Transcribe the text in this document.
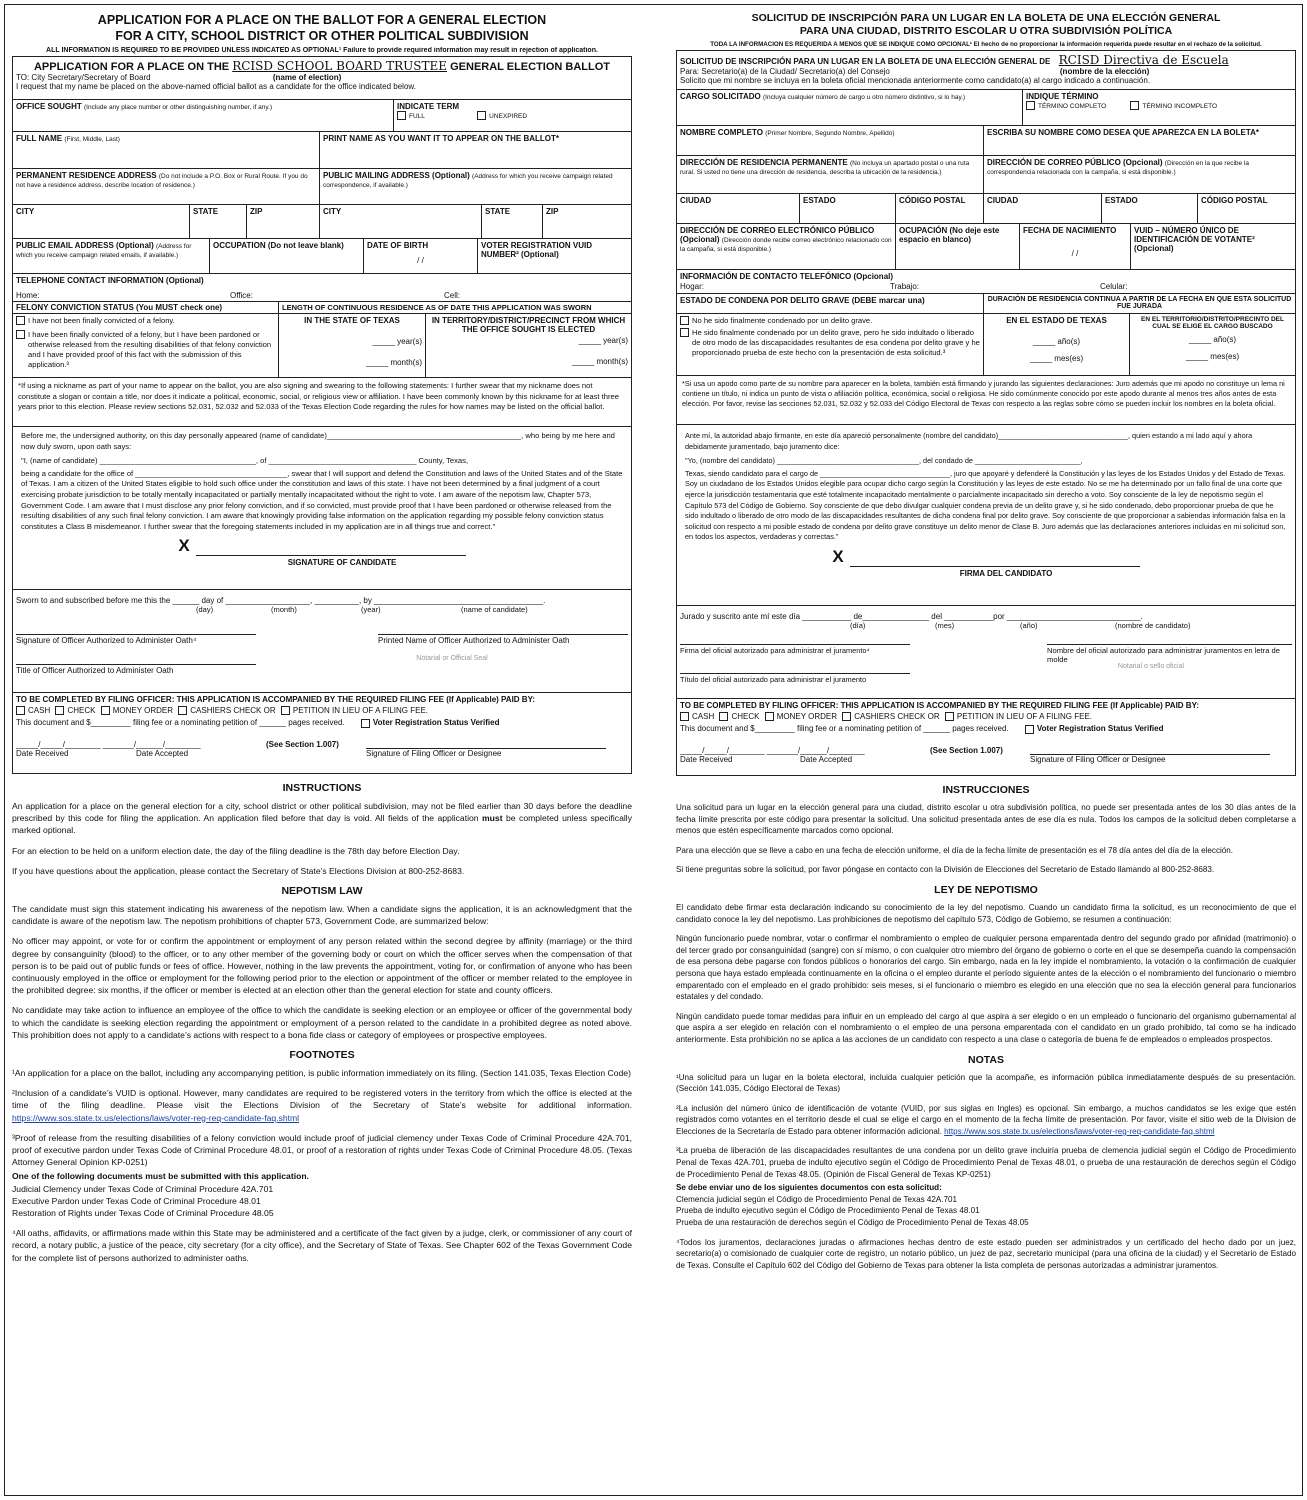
APPLICATION FOR A PLACE ON THE BALLOT FOR A GENERAL ELECTION
FOR A CITY, SCHOOL DISTRICT OR OTHER POLITICAL SUBDIVISION
ALL INFORMATION IS REQUIRED TO BE PROVIDED UNLESS INDICATED AS OPTIONAL¹ Failure to provide required information may result in rejection of application.
APPLICATION FOR A PLACE ON THE RCISD SCHOOL BOARD TRUSTEE GENERAL ELECTION BALLOT
TO: City Secretary/Secretary of Board	(name of election)
I request that my name be placed on the above-named official ballot as a candidate for the office indicated below.
OFFICE SOUGHT (Include any place number or other distinguishing number, if any.)	INDICATE TERM
FULL	UNEXPIRED
FULL NAME (First, Middle, Last)	PRINT NAME AS YOU WANT IT TO APPEAR ON THE BALLOT*
PERMANENT RESIDENCE ADDRESS (Do not include a P.O. Box or Rural Route. If you do not have a residence address, describe location of residence.)
PUBLIC MAILING ADDRESS (Optional) (Address for which you receive campaign related correspondence, if available.)
CITY	STATE	ZIP	CITY	STATE	ZIP
PUBLIC EMAIL ADDRESS (Optional) (Address for which you receive campaign related emails, if available.)
OCCUPATION (Do not leave blank)	DATE OF BIRTH
/ /
VOTER REGISTRATION VUID NUMBER² (Optional)
TELEPHONE CONTACT INFORMATION (Optional)
Home:	Office:	Cell:
FELONY CONVICTION STATUS (You MUST check one)	LENGTH OF CONTINUOUS RESIDENCE AS OF DATE THIS APPLICATION WAS SWORN
I have not been finally convicted of a felony.
I have been finally convicted of a felony, but I have been pardoned or otherwise released from the resulting disabilities of that felony conviction and I have provided proof of this fact with the submission of this application.³
IN THE STATE OF TEXAS
_____ year(s)
_____ month(s)
IN TERRITORY/DISTRICT/PRECINCT FROM WHICH THE OFFICE SOUGHT IS ELECTED
_____ year(s)
_____ month(s)
*If using a nickname as part of your name to appear on the ballot, you are also signing and swearing to the following statements: I further swear that my nickname does not constitute a slogan or contain a title, nor does it indicate a political, economic, social, or religious view or affiliation. I have been commonly known by this nickname for at least three years prior to this election. Please review sections 52.031, 52.032 and 52.033 of the Texas Election Code regarding the rules for how names may be listed on the official ballot.
Before me, the undersigned authority, on this day personally appeared (name of candidate)______________________________________________, who being by me here and now duly sworn, upon oath says:
"I, (name of candidate) _____________________________________, of ___________________________________ County, Texas,
being a candidate for the office of ____________________________________, swear that I will support and defend the Constitution and laws of the United States and of the State of Texas. I am a citizen of the United States eligible to hold such office under the constitution and laws of this state. I have not been determined by a final judgment of a court exercising probate jurisdiction to be totally mentally incapacitated or partially mentally incapacitated without the right to vote. I am aware of the nepotism law, Chapter 573, Government Code. I am aware that I must disclose any prior felony conviction, and if so convicted, must provide proof that I have been pardoned or otherwise released from the resulting disabilities of any such final felony conviction. I am aware that knowingly providing false information on the application regarding my possible felony conviction status constitutes a Class B misdemeanor. I further swear that the foregoing statements included in my application are in all things true and correct."
X
SIGNATURE OF CANDIDATE
Sworn to and subscribed before me this the ______ day of ___________________, __________, by ______________________________________.
(day)	(month)	(year)	(name of candidate)
Signature of Officer Authorized to Administer Oath⁴	Printed Name of Officer Authorized to Administer Oath
Notarial or Official Seal
Title of Officer Authorized to Administer Oath
TO BE COMPLETED BY FILING OFFICER: THIS APPLICATION IS ACCOMPANIED BY THE REQUIRED FILING FEE (If Applicable) PAID BY:
CASH CHECK MONEY ORDER CASHIERS CHECK OR PETITION IN LIEU OF A FILING FEE.
This document and $_________ filing fee or a nominating petition of ______ pages received.	Voter Registration Status Verified
_____/_____/________ _______/______/________	(See Section 1.007)
Date Received	Date Accepted	Signature of Filing Officer or Designee
INSTRUCTIONS
An application for a place on the general election for a city, school district or other political subdivision, may not be filed earlier than 30 days before the deadline prescribed by this code for filing the application. An application filed before that day is void. All fields of the application must be completed unless specifically marked optional.
For an election to be held on a uniform election date, the day of the filing deadline is the 78th day before Election Day.
If you have questions about the application, please contact the Secretary of State’s Elections Division at 800-252-8683.
NEPOTISM LAW
The candidate must sign this statement indicating his awareness of the nepotism law. When a candidate signs the application, it is an acknowledgment that the candidate is aware of the nepotism law. The nepotism prohibitions of chapter 573, Government Code, are summarized below:
No officer may appoint, or vote for or confirm the appointment or employment of any person related within the second degree by affinity (marriage) or the third degree by consanguinity (blood) to the officer, or to any other member of the governing body or court on which the officer serves when the compensation of that person is to be paid out of public funds or fees of office. However, nothing in the law prevents the appointment, voting for, or confirmation of anyone who has been continuously employed in the office or employment for the following period prior to the election or appointment of the officer or member related to the employee in the prohibited degree: six months, if the officer or member is elected at an election other than the general election for state and county officers.
No candidate may take action to influence an employee of the office to which the candidate is seeking election or an employee or officer of the governmental body to which the candidate is seeking election regarding the appointment or employment of a person related to the candidate in a prohibited degree as noted above. This prohibition does not apply to a candidate’s actions with respect to a bona fide class or category of employees or prospective employees.
FOOTNOTES
¹An application for a place on the ballot, including any accompanying petition, is public information immediately on its filing. (Section 141.035, Texas Election Code)
²Inclusion of a candidate’s VUID is optional. However, many candidates are required to be registered voters in the territory from which the office is elected at the time of the filing deadline. Please visit the Elections Division of the Secretary of State’s website for additional information. https://www.sos.state.tx.us/elections/laws/voter-reg-req-candidate-faq.shtml
³Proof of release from the resulting disabilities of a felony conviction would include proof of judicial clemency under Texas Code of Criminal Procedure 42A.701, proof of executive pardon under Texas Code of Criminal Procedure 48.01, or proof of a restoration of rights under Texas Code of Criminal Procedure 48.05. (Texas Attorney General Opinion KP-0251)
One of the following documents must be submitted with this application.
Judicial Clemency under Texas Code of Criminal Procedure 42A.701
Executive Pardon under Texas Code of Criminal Procedure 48.01
Restoration of Rights under Texas Code of Criminal Procedure 48.05
⁴All oaths, affidavits, or affirmations made within this State may be administered and a certificate of the fact given by a judge, clerk, or commissioner of any court of record, a notary public, a justice of the peace, city secretary (for a city office), and the Secretary of State of Texas. See Chapter 602 of the Texas Government Code for the complete list of persons authorized to administer oaths.
SOLICITUD DE INSCRIPCIÓN PARA UN LUGAR EN LA BOLETA DE UNA ELECCIÓN GENERAL
PARA UNA CIUDAD, DISTRITO ESCOLAR U OTRA SUBDIVISIÓN POLÍTICA
TODA LA INFORMACIÓN ES REQUERIDA A MENOS QUE SE INDIQUE COMO OPCIONAL¹ El hecho de no proporcionar la información requerida puede resultar en el rechazo de la solicitud.
SOLICITUD DE INSCRIPCIÓN PARA UN LUGAR EN LA BOLETA DE UNA ELECCIÓN GENERAL DE RCISD Directiva de Escuela
Para: Secretario(a) de la Ciudad/ Secretario(a) del Consejo	(nombre de la elección)
Solicito que mi nombre se incluya en la boleta oficial mencionada anteriormente como candidato(a) al cargo indicado a continuación.
CARGO SOLICITADO (Incluya cualquier número de cargo u otro número distintivo, si lo hay.)	INDIQUE TÉRMINO
TÉRMINO COMPLETO	TÉRMINO INCOMPLETO
NOMBRE COMPLETO (Primer Nombre, Segundo Nombre, Apellido)	ESCRIBA SU NOMBRE COMO DESEA QUE APAREZCA EN LA BOLETA*
DIRECCIÓN DE RESIDENCIA PERMANENTE (No incluya un apartado postal o una ruta rural. Si usted no tiene una dirección de residencia, describa la ubicación de la residencia.)
DIRECCIÓN DE CORREO PÚBLICO (Opcional) (Dirección en la que recibe la correspondencia relacionada con la campaña, si está disponible.)
CIUDAD	ESTADO	CÓDIGO POSTAL	CIUDAD	ESTADO	CÓDIGO POSTAL
DIRECCIÓN DE CORREO ELECTRÓNICO PÚBLICO (Opcional) (Dirección donde recibe correo electrónico relacionado con la campaña, si está disponible.)
OCUPACIÓN (No deje este espacio en blanco)
FECHA DE NACIMIENTO
/ /
VUID – NÚMERO ÚNICO DE IDENTIFICACIÓN DE VOTANTE² (Opcional)
INFORMACIÓN DE CONTACTO TELEFÓNICO (Opcional)
Hogar:	Trabajo:	Celular:
ESTADO DE CONDENA POR DELITO GRAVE (DEBE marcar una)	DURACIÓN DE RESIDENCIA CONTINUA A PARTIR DE LA FECHA EN QUE ESTA SOLICITUD FUE JURADA
No he sido finalmente condenado por un delito grave.
He sido finalmente condenado por un delito grave, pero he sido indultado o liberado de otro modo de las discapacidades resultantes de esa condena por delito grave y he proporcionado prueba de este hecho con la presentación de esta solicitud.³
EN EL ESTADO DE TEXAS
_____ año(s)
_____ mes(es)
EN EL TERRITORIO/DISTRITO/PRECINTO DEL CUAL SE ELIGE EL CARGO BUSCADO
_____ año(s)
_____ mes(es)
*Si usa un apodo como parte de su nombre para aparecer en la boleta, también está firmando y jurando las siguientes declaraciones: Juro además que mi apodo no constituye un lema ni contiene un título, ni indica un punto de vista o afiliación política, económica, social o religiosa. He sido comúnmente conocido por este apodo durante al menos tres años antes de esta elección. Por favor, revise las secciones 52.031, 52.032 y 52.033 del Código Electoral de Texas con respecto a las reglas sobre cómo se pueden incluir los nombres en la boleta oficial.
Ante mí, la autoridad abajo firmante, en este día apareció personalmente (nombre del candidato)________________________________, quien estando a mi lado aquí y ahora debidamente juramentado, bajo juramento dice:
"Yo, (nombre del candidato) ___________________________________, del condado de __________________________,
Texas, siendo candidato para el cargo de ________________________________, juro que apoyaré y defenderé la Constitución y las leyes de los Estados Unidos y del Estado de Texas. Soy un ciudadano de los Estados Unidos elegible para ocupar dicho cargo según la Constitución y las leyes de este estado. No se me ha determinado por un fallo final de una corte que ejerce la jurisdicción testamentaria que esté totalmente incapacitado mentalmente o parcialmente incapacitado sin derecho a voto. Soy consciente de la ley de nepotismo según el Capítulo 573 del Código de Gobierno. Soy consciente de que debo divulgar cualquier condena previa de un delito grave y, si he sido condenado, debo proporcionar prueba de que he sido indultado o liberado de otro modo de las discapacidades resultantes de dicha condena final por delito grave. Soy consciente de que proporcionar a sabiendas información falsa en la solicitud con respecto a mi posible estado de condena por delito grave constituye un delito menor de Clase B. Juro además que las declaraciones anteriores incluidas en mi solicitud son, en todos los aspectos, verdaderas y correctas."
X
FIRMA DEL CANDIDATO
Jurado y suscrito ante mí este día ___________ de_______________ del ___________por ______________________________.
(día)	(mes)	(año)	(nombre de candidato)
Firma del oficial autorizado para administrar el juramento⁴	Nombre del oficial autorizado para administrar juramentos en letra de molde
Notarial o sello oficial
Título del oficial autorizado para administrar el juramento
TO BE COMPLETED BY FILING OFFICER: THIS APPLICATION IS ACCOMPANIED BY THE REQUIRED FILING FEE (If Applicable) PAID BY:
CASH CHECK MONEY ORDER CASHIERS CHECK OR PETITION IN LIEU OF A FILING FEE.
This document and $_________ filing fee or a nominating petition of ______ pages received.	Voter Registration Status Verified
_____/_____/________ _______/______/________	(See Section 1.007)
Date Received	Date Accepted	Signature of Filing Officer or Designee
INSTRUCCIONES
Una solicitud para un lugar en la elección general para una ciudad, distrito escolar u otra subdivisión política, no puede ser presentada antes de los 30 días antes de la fecha límite prescrita por este código para presentar la solicitud. Una solicitud presentada antes de ese día es nula. Todos los campos de la solicitud deben completarse a menos que estén específicamente marcados como opcional.
Para una elección que se lleve a cabo en una fecha de elección uniforme, el día de la fecha límite de presentación es el 78 día antes del día de la elección.
Si tiene preguntas sobre la solicitud, por favor póngase en contacto con la División de Elecciones del Secretario de Estado llamando al 800-252-8683.
LEY DE NEPOTISMO
El candidato debe firmar esta declaración indicando su conocimiento de la ley del nepotismo. Cuando un candidato firma la solicitud, es un reconocimiento de que el candidato conoce la ley del nepotismo. Las prohibiciones de nepotismo del capítulo 573, Código de Gobierno, se resumen a continuación:
Ningún funcionario puede nombrar, votar o confirmar el nombramiento o empleo de cualquier persona emparentada dentro del segundo grado por afinidad (matrimonio) o del tercer grado por consanguinidad (sangre) con sí mismo, o con cualquier otro miembro del órgano de gobierno o corte en el que se desempeña cuando la compensación de esa persona debe pagarse con fondos públicos o honorarios del cargo. Sin embargo, nada en la ley impide el nombramiento, la votación o la confirmación de cualquier persona que haya estado empleada continuamente en la oficina o el empleo durante el período siguiente antes de la elección o el nombramiento del funcionario o miembro emparentado con el empleado en el grado prohibido: seis meses, si el funcionario o miembro es elegido en una elección que no sea la elección general para funcionarios estatales y del condado.
Ningún candidato puede tomar medidas para influir en un empleado del cargo al que aspira a ser elegido o en un empleado o funcionario del organismo gubernamental al que aspira a ser elegido en relación con el nombramiento o el empleo de una persona emparentada con el candidato en un grado prohibido, tal como se ha indicado anteriormente. Esta prohibición no se aplica a las acciones de un candidato con respecto a una clase o categoría de buena fe de empleados o empleados prospectos.
NOTAS
¹Una solicitud para un lugar en la boleta electoral, incluida cualquier petición que la acompañe, es información pública inmediatamente después de su presentación. (Sección 141.035, Código Electoral de Texas)
²La inclusión del número único de identificación de votante (VUID, por sus siglas en Ingles) es opcional. Sin embargo, a muchos candidatos se les exige que estén registrados como votantes en el territorio desde el cual se elige el cargo en el momento de la fecha límite de presentación. Por favor, visite el sitio web de la Division de Elecciones de la Secretaría de Estado para obtener información adicional. https://www.sos.state.tx.us/elections/laws/voter-reg-req-candidate-faq.shtml
³La prueba de liberación de las discapacidades resultantes de una condena por un delito grave incluiría prueba de clemencia judicial según el Código de Procedimiento Penal de Texas 42A.701, prueba de indulto ejecutivo según el Código de Procedimiento Penal de Texas 48.01, o prueba de una restauración de derechos según el Código de Procedimiento Penal de Texas 48.05. (Opinión de Fiscal General de Texas KP-0251)
Se debe enviar uno de los siguientes documentos con esta solicitud:
Clemencia judicial según el Código de Procedimiento Penal de Texas 42A.701
Prueba de indulto ejecutivo según el Código de Procedimiento Penal de Texas 48.01
Prueba de una restauración de derechos según el Código de Procedimiento Penal de Texas 48.05
⁴Todos los juramentos, declaraciones juradas o afirmaciones hechas dentro de este estado pueden ser administrados y un certificado del hecho dado por un juez, secretario(a) o comisionado de cualquier corte de registro, un notario público, un juez de paz, secretario municipal (para una oficina de la ciudad) y el Secretario de Estado de Texas. Consulte el Capítulo 602 del Código del Gobierno de Texas para obtener la lista completa de personas autorizadas a administrar juramentos.
